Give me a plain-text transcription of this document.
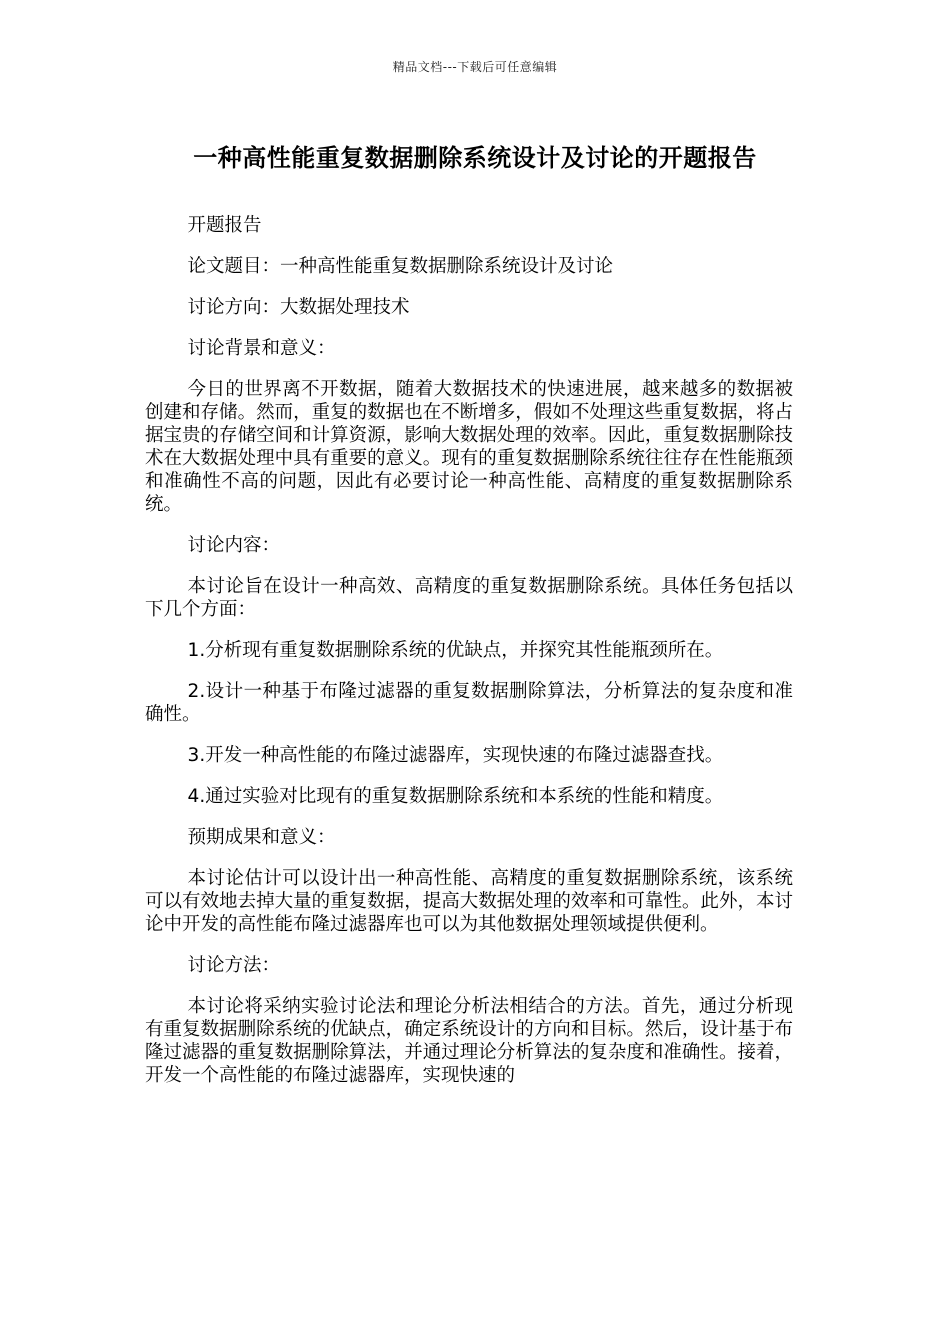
精品文档---下载后可任意编辑
一种高性能重复数据删除系统设计及讨论的开题报告

开题报告

论文题目：一种高性能重复数据删除系统设计及讨论

讨论方向：大数据处理技术

讨论背景和意义：

今日的世界离不开数据，随着大数据技术的快速进展，越来越多的数据被创建和存储。然而，重复的数据也在不断增多，假如不处理这些重复数据，将占据宝贵的存储空间和计算资源，影响大数据处理的效率。因此，重复数据删除技术在大数据处理中具有重要的意义。现有的重复数据删除系统往往存在性能瓶颈和准确性不高的问题，因此有必要讨论一种高性能、高精度的重复数据删除系统。

讨论内容：

本讨论旨在设计一种高效、高精度的重复数据删除系统。具体任务包括以下几个方面：

1.分析现有重复数据删除系统的优缺点，并探究其性能瓶颈所在。

2.设计一种基于布隆过滤器的重复数据删除算法，分析算法的复杂度和准确性。

3.开发一种高性能的布隆过滤器库，实现快速的布隆过滤器查找。

4.通过实验对比现有的重复数据删除系统和本系统的性能和精度。

预期成果和意义：

本讨论估计可以设计出一种高性能、高精度的重复数据删除系统，该系统可以有效地去掉大量的重复数据，提高大数据处理的效率和可靠性。此外，本讨论中开发的高性能布隆过滤器库也可以为其他数据处理领域提供便利。

讨论方法：

本讨论将采纳实验讨论法和理论分析法相结合的方法。首先，通过分析现有重复数据删除系统的优缺点，确定系统设计的方向和目标。然后，设计基于布隆过滤器的重复数据删除算法，并通过理论分析算法的复杂度和准确性。接着，开发一个高性能的布隆过滤器库，实现快速的
